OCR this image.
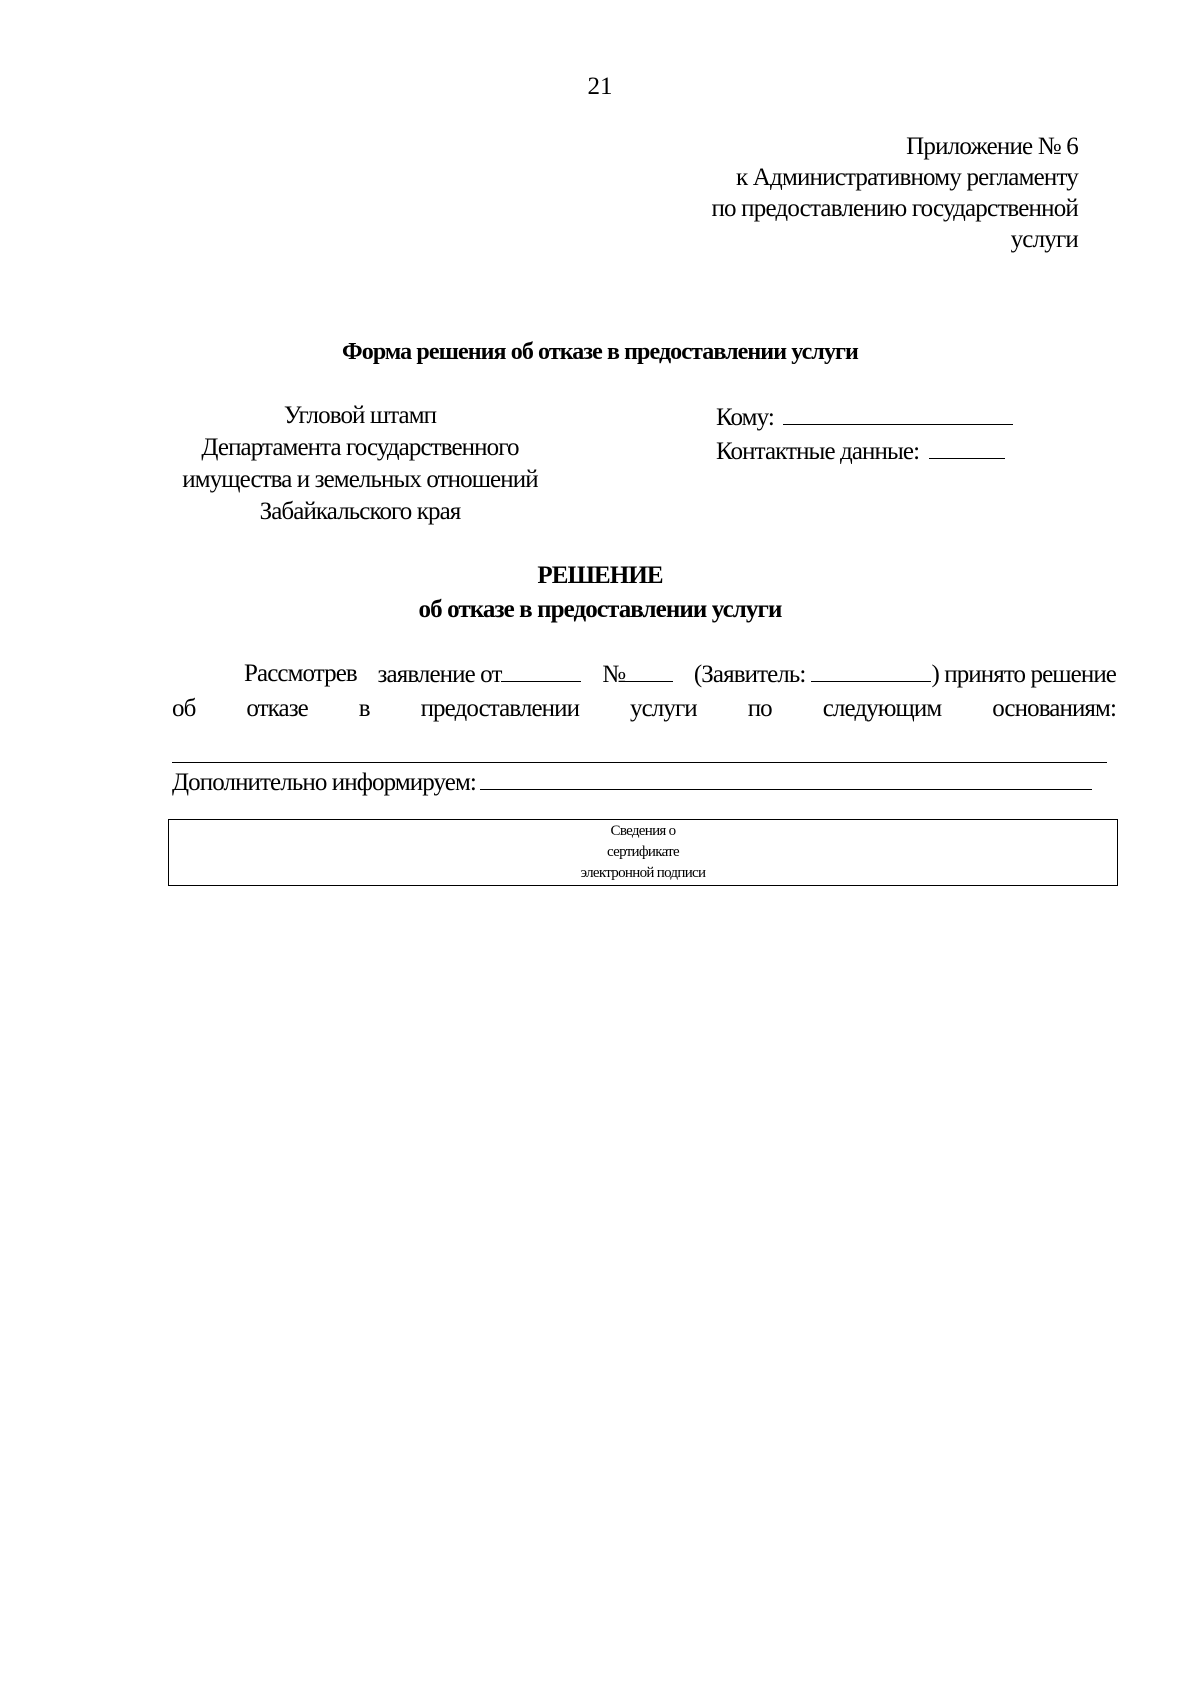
21
Приложение № 6
к Административному регламенту
по предоставлению государственной
услуги
Форма решения об отказе в предоставлении услуги
Угловой штамп
Департамента государственного
имущества и земельных отношений
Забайкальского края
Кому:
Контактные данные:
РЕШЕНИЕ
об отказе в предоставлении услуги
Рассмотрев заявление от	№	(Заявитель:	) принято решение
об отказе в предоставлении услуги по следующим основаниям:
Дополнительно информируем:
Сведения о
сертификате
электронной подписи
